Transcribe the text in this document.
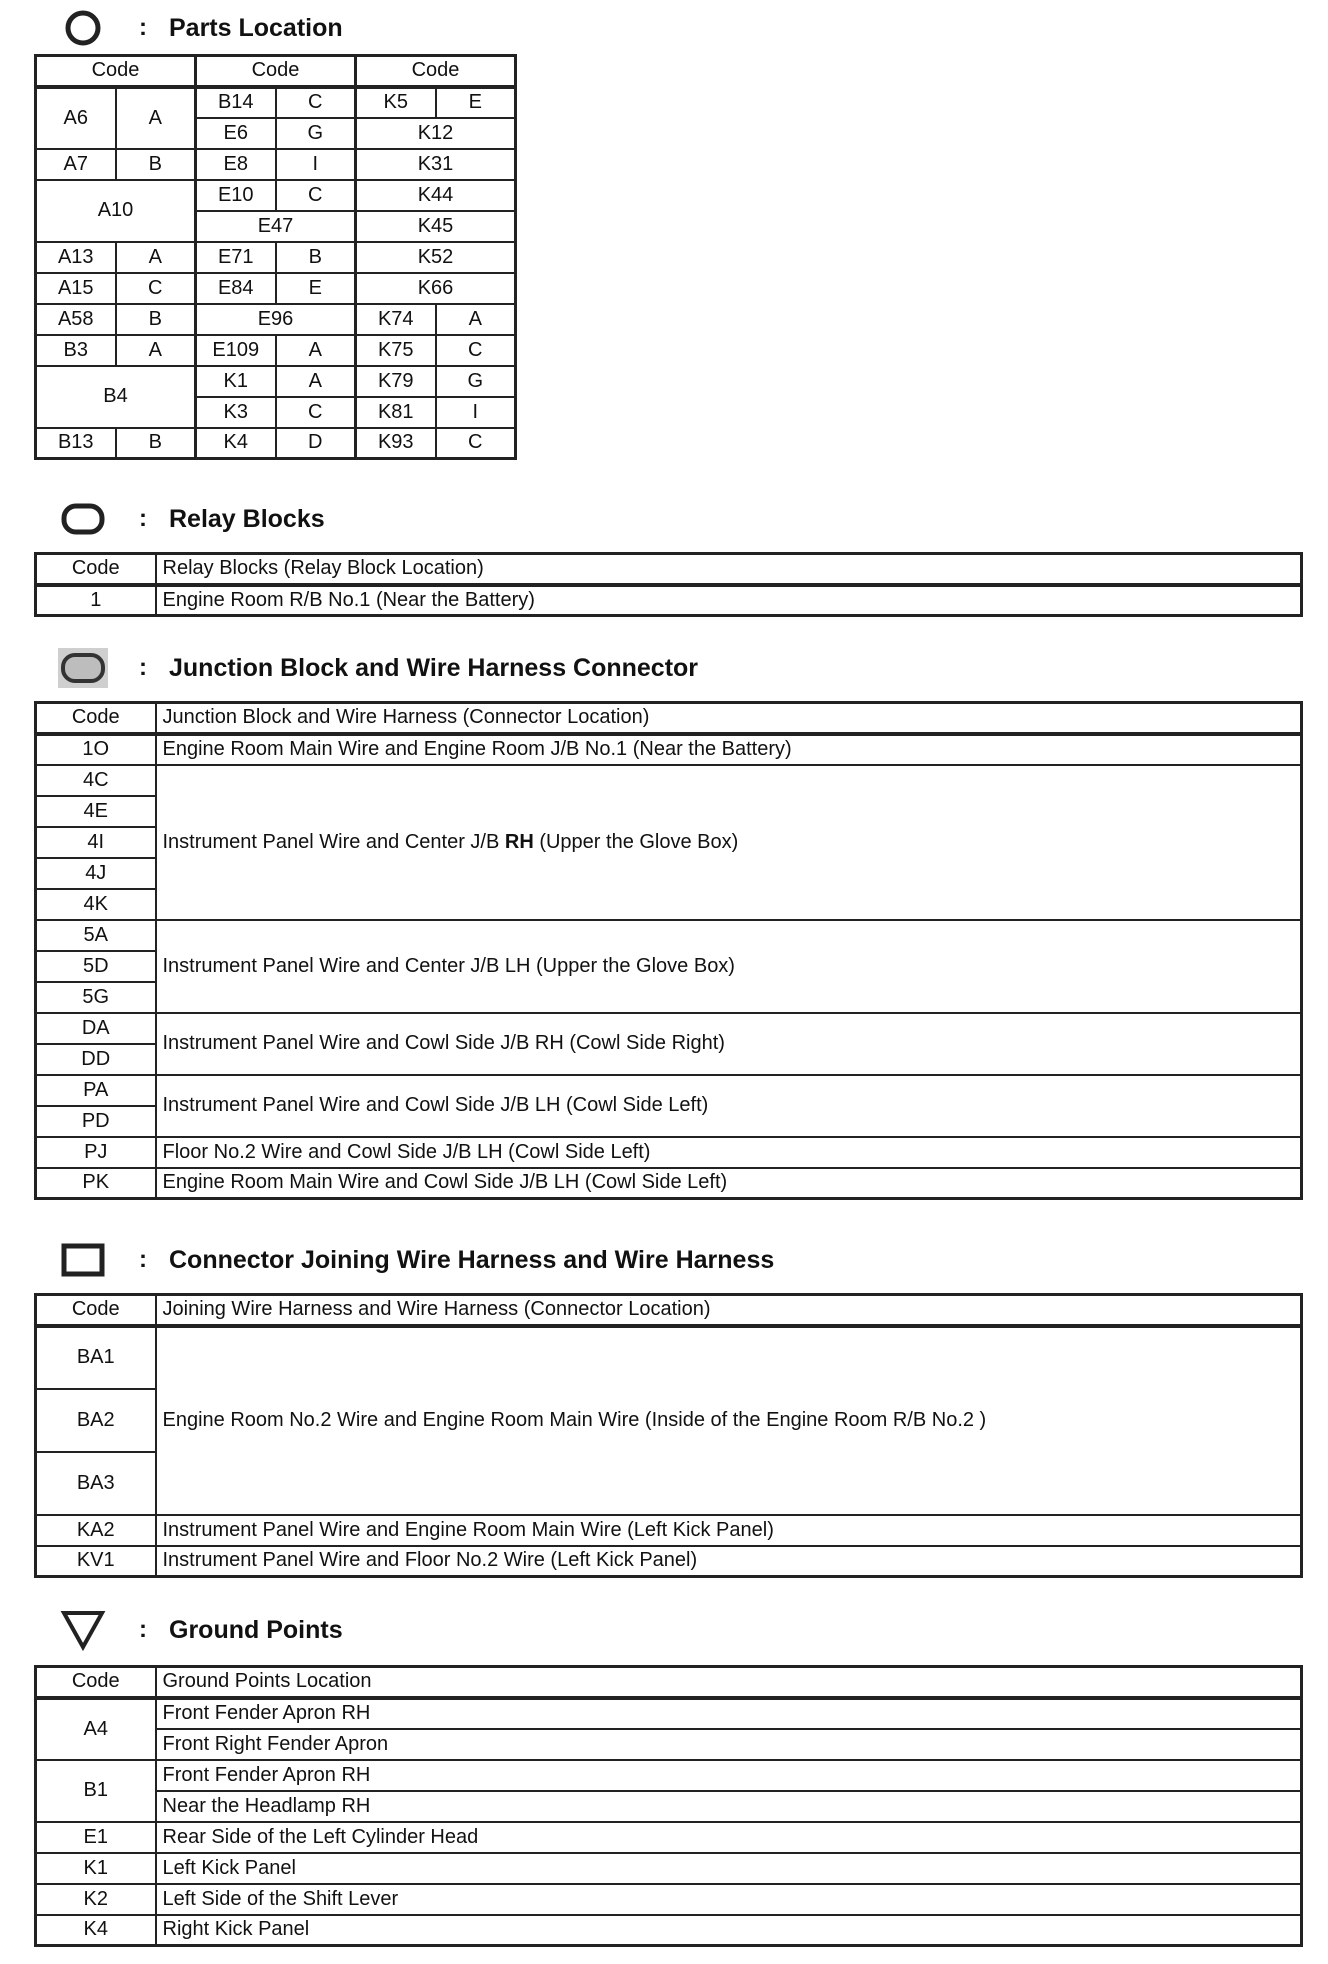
: Parts Location
Code		Code		Code	
A6	A	B14	C	K5	E
		E6	G	K12	
A7	B	E8	I	K31	
A10		E10	C	K44	
		E47		K45	
A13	A	E71	B	K52	
A15	C	E84	E	K66	
A58	B	E96		K74	A
B3	A	E109	A	K75	C
B4		K1	A	K79	G
		K3	C	K81	I
B13	B	K4	D	K93	C
: Relay Blocks
Code	Relay Blocks (Relay Block Location)
1	Engine Room R/B No.1 (Near the Battery)
: Junction Block and Wire Harness Connector
Code	Junction Block and Wire Harness (Connector Location)
1O	Engine Room Main Wire and Engine Room J/B No.1 (Near the Battery)
4C	Instrument Panel Wire and Center J/B RH (Upper the Glove Box)
4E	
4I	
4J	
4K	
5A	Instrument Panel Wire and Center J/B LH (Upper the Glove Box)
5D	
5G	
DA	Instrument Panel Wire and Cowl Side J/B RH (Cowl Side Right)
DD	
PA	Instrument Panel Wire and Cowl Side J/B LH (Cowl Side Left)
PD	
PJ	Floor No.2 Wire and Cowl Side J/B LH (Cowl Side Left)
PK	Engine Room Main Wire and Cowl Side J/B LH (Cowl Side Left)
: Connector Joining Wire Harness and Wire Harness
Code	Joining Wire Harness and Wire Harness (Connector Location)
BA1	Engine Room No.2 Wire and Engine Room Main Wire (Inside of the Engine Room R/B No.2 )
BA2	
BA3	
KA2	Instrument Panel Wire and Engine Room Main Wire (Left Kick Panel)
KV1	Instrument Panel Wire and Floor No.2 Wire (Left Kick Panel)
: Ground Points
Code	Ground Points Location
A4	Front Fender Apron RH
	Front Right Fender Apron
B1	Front Fender Apron RH
	Near the Headlamp RH
E1	Rear Side of the Left Cylinder Head
K1	Left Kick Panel
K2	Left Side of the Shift Lever
K4	Right Kick Panel
